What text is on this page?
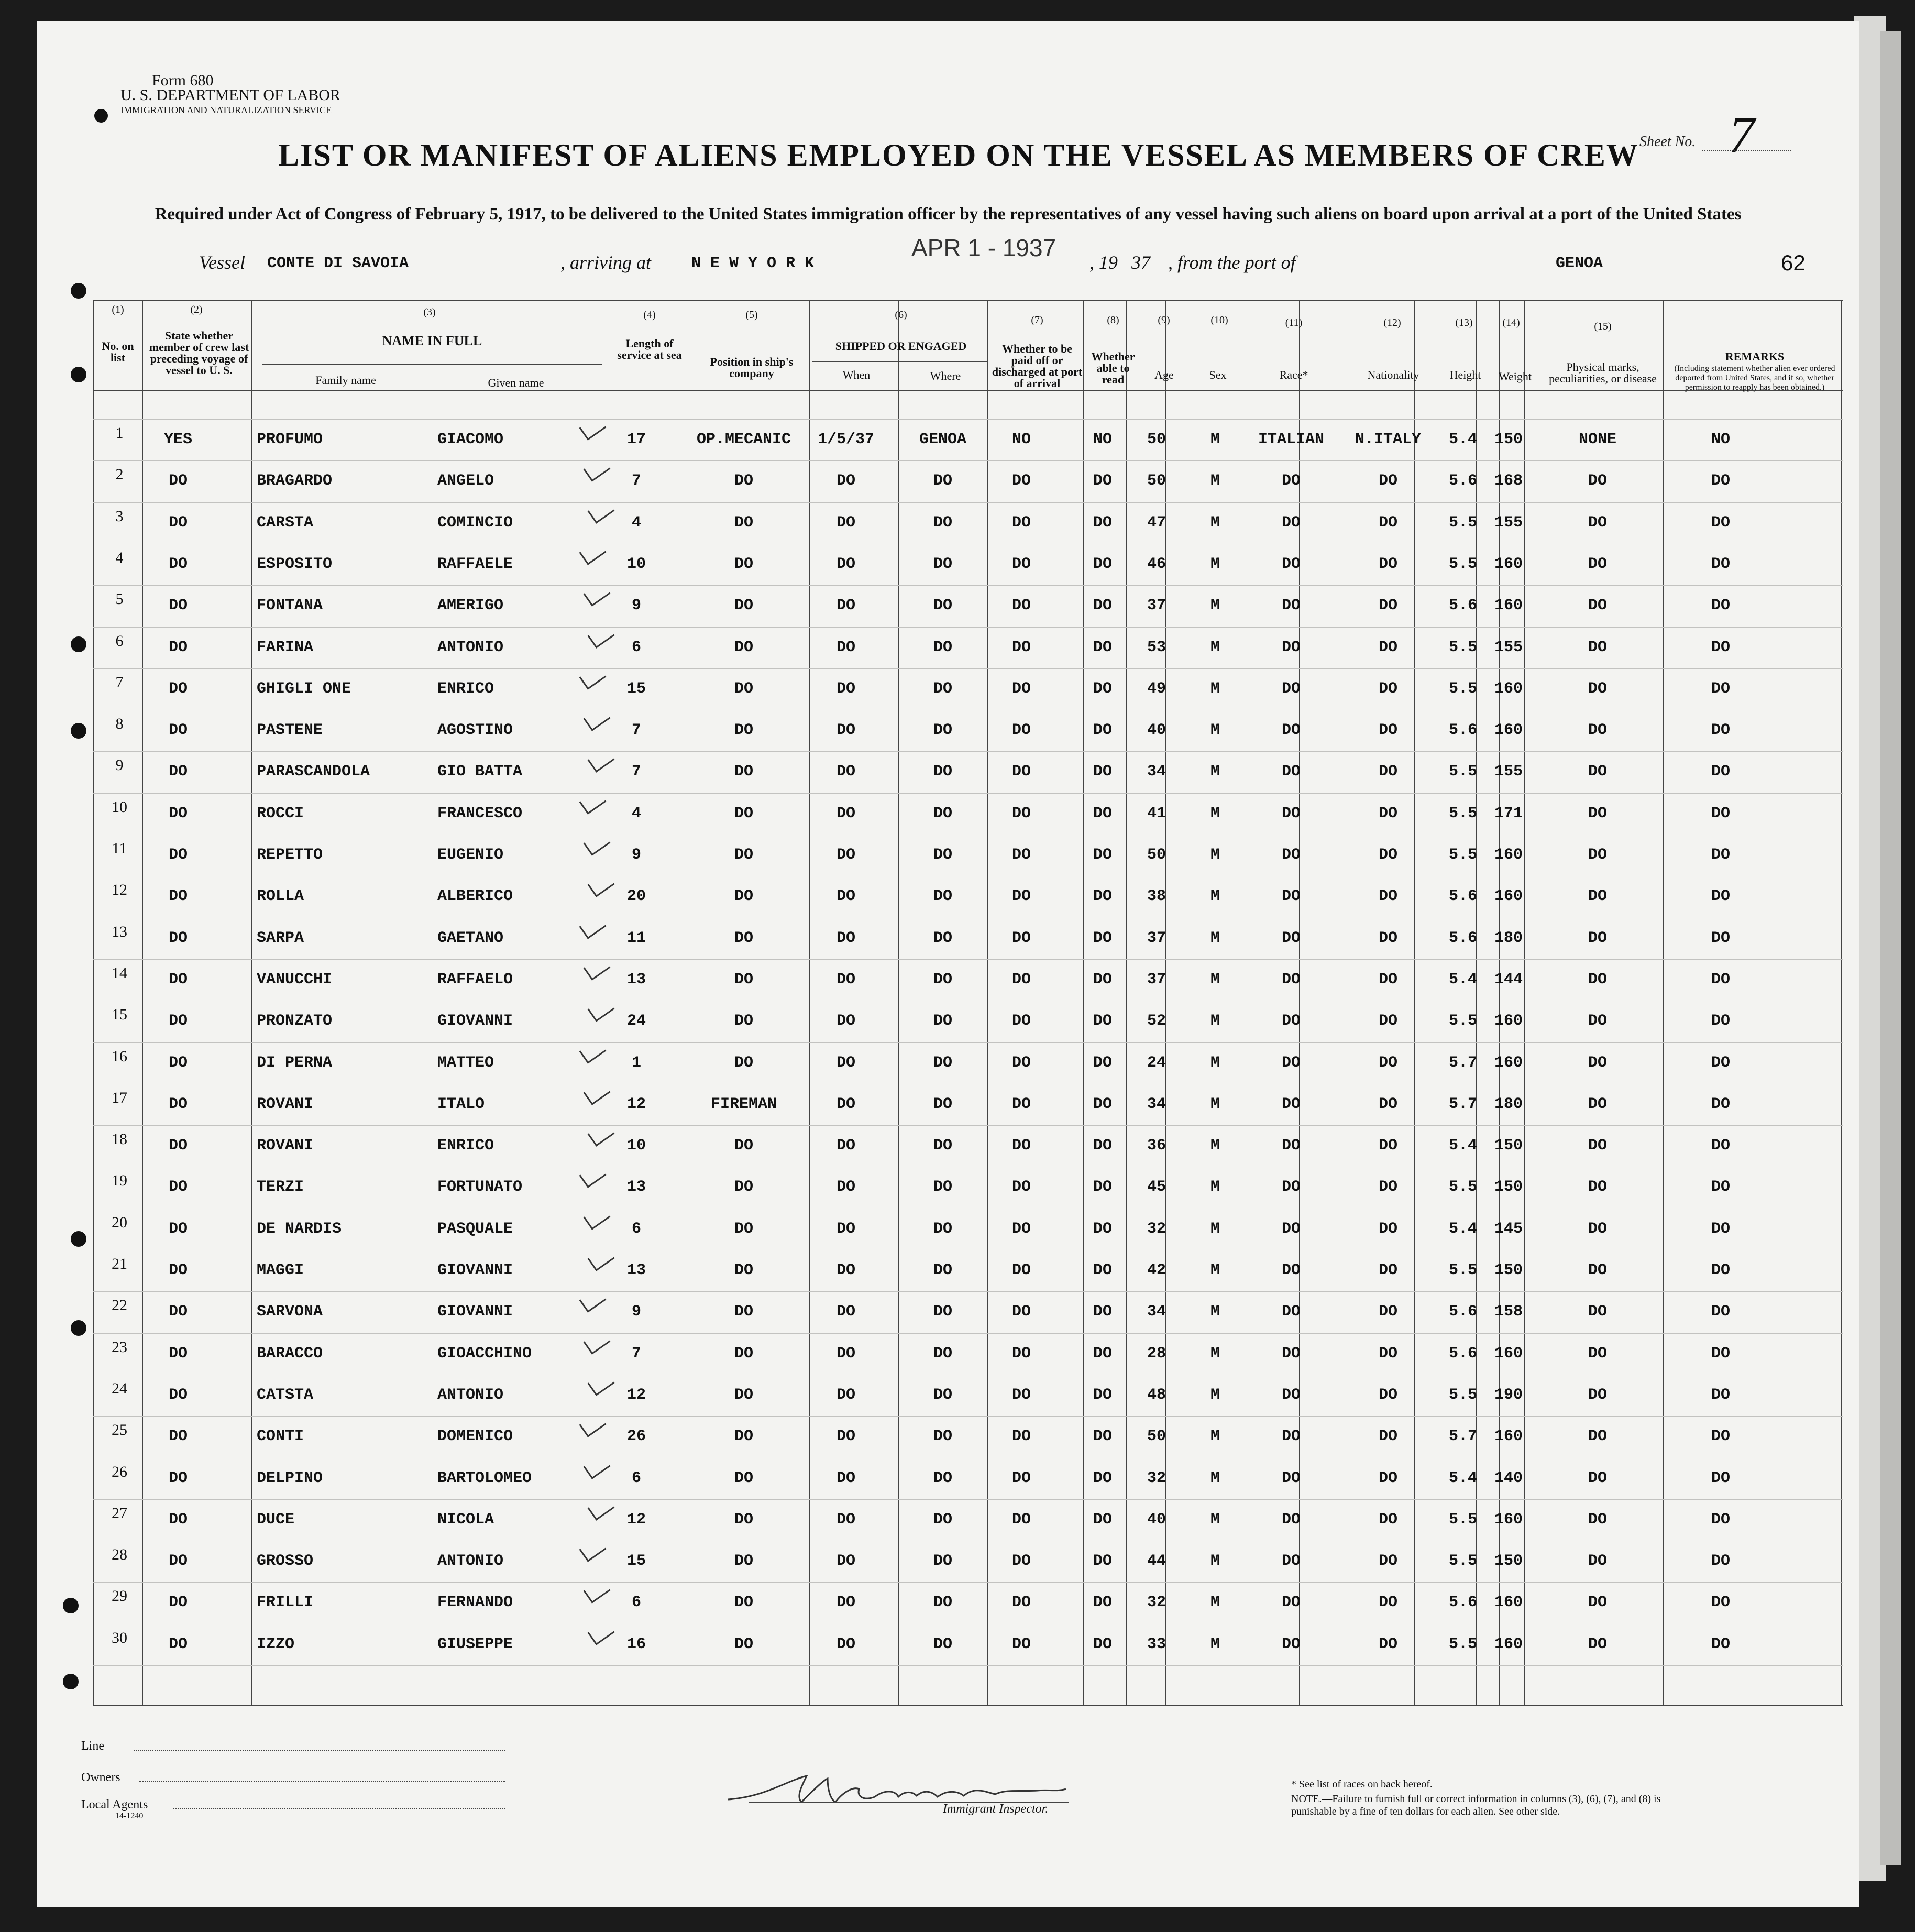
Form 680
U. S. DEPARTMENT OF LABOR
IMMIGRATION AND NATURALIZATION SERVICE
LIST OR MANIFEST OF ALIENS EMPLOYED ON THE VESSEL AS MEMBERS OF CREW Sheet No. 7
Required under Act of Congress of February 5, 1917, to be delivered to the United States immigration officer by the representatives of any vessel having such aliens on board upon arrival at a port of the United States
Vessel CONTE DI SAVOIA	, arriving at	N E W Y O R K
APR 1 - 1937
, 19 37 , from the port of	GENOA	62
(1)
No. on list
(2)
State whether member of crew last preceding voyage of vessel to U. S.
(3)
NAME IN FULL
Family name	Given name
(4)
Length of service at sea
(5)
Position in ship's company
(6)
SHIPPED OR ENGAGED
When	Where
(7)
Whether to be paid off or discharged at port of arrival
(8)
Whether able to read
(9)
Age
(10)
Sex
(11)
Race*
(12)
Nationality
(13)
Height
(14)
Weight
(15)
Physical marks, peculiarities, or disease
REMARKS
(Including statement whether alien ever ordered deported from United States, and if so, whether permission to reapply has been obtained.)
1	YES	PROFUMO	GIACOMO	17	OP.MECANIC 1/5/37	GENOA	NO	NO 50	M ITALIAN N.ITALY 5.4 150	NONE	NO
2	DO	BRAGARDO	ANGELO	7	DO	DO	DO	DO	DO 50	M	DO	DO	5.6 168	DO	DO
3	DO	CARSTA	COMINCIO	4	DO	DO	DO	DO	DO 47	M	DO	DO	5.5 155	DO	DO
4	DO	ESPOSITO	RAFFAELE	10	DO	DO	DO	DO	DO 46	M	DO	DO	5.5 160	DO	DO
5	DO	FONTANA	AMERIGO	9	DO	DO	DO	DO	DO 37	M	DO	DO	5.6 160	DO	DO
6	DO	FARINA	ANTONIO	6	DO	DO	DO	DO	DO 53	M	DO	DO	5.5 155	DO	DO
7	DO	GHIGLI ONE	ENRICO	15	DO	DO	DO	DO	DO 49	M	DO	DO	5.5 160	DO	DO
8	DO	PASTENE	AGOSTINO	7	DO	DO	DO	DO	DO 40	M	DO	DO	5.6 160	DO	DO
9	DO	PARASCANDOLA	GIO BATTA	7	DO	DO	DO	DO	DO 34	M	DO	DO	5.5 155	DO	DO
10	DO	ROCCI	FRANCESCO	4	DO	DO	DO	DO	DO 41	M	DO	DO	5.5 171	DO	DO
11	DO	REPETTO	EUGENIO	9	DO	DO	DO	DO	DO 50	M	DO	DO	5.5 160	DO	DO
12	DO	ROLLA	ALBERICO	20	DO	DO	DO	DO	DO 38	M	DO	DO	5.6 160	DO	DO
13	DO	SARPA	GAETANO	11	DO	DO	DO	DO	DO 37	M	DO	DO	5.6 180	DO	DO
14	DO	VANUCCHI	RAFFAELO	13	DO	DO	DO	DO	DO 37	M	DO	DO	5.4 144	DO	DO
15	DO	PRONZATO	GIOVANNI	24	DO	DO	DO	DO	DO 52	M	DO	DO	5.5 160	DO	DO
16	DO	DI PERNA	MATTEO	1	DO	DO	DO	DO	DO 24	M	DO	DO	5.7 160	DO	DO
17	DO	ROVANI	ITALO	12	FIREMAN	DO	DO	DO	DO 34	M	DO	DO	5.7 180	DO	DO
18	DO	ROVANI	ENRICO	10	DO	DO	DO	DO	DO 36	M	DO	DO	5.4 150	DO	DO
19	DO	TERZI	FORTUNATO	13	DO	DO	DO	DO	DO 45	M	DO	DO	5.5 150	DO	DO
20	DO	DE NARDIS	PASQUALE	6	DO	DO	DO	DO	DO 32	M	DO	DO	5.4 145	DO	DO
21	DO	MAGGI	GIOVANNI	13	DO	DO	DO	DO	DO 42	M	DO	DO	5.5 150	DO	DO
22	DO	SARVONA	GIOVANNI	9	DO	DO	DO	DO	DO 34	M	DO	DO	5.6 158	DO	DO
23	DO	BARACCO	GIOACCHINO	7	DO	DO	DO	DO	DO 28	M	DO	DO	5.6 160	DO	DO
24	DO	CATSTA	ANTONIO	12	DO	DO	DO	DO	DO 48	M	DO	DO	5.5 190	DO	DO
25	DO	CONTI	DOMENICO	26	DO	DO	DO	DO	DO 50	M	DO	DO	5.7 160	DO	DO
26	DO	DELPINO	BARTOLOMEO	6	DO	DO	DO	DO	DO 32	M	DO	DO	5.4 140	DO	DO
27	DO	DUCE	NICOLA	12	DO	DO	DO	DO	DO 40	M	DO	DO	5.5 160	DO	DO
28	DO	GROSSO	ANTONIO	15	DO	DO	DO	DO	DO 44	M	DO	DO	5.5 150	DO	DO
29	DO	FRILLI	FERNANDO	6	DO	DO	DO	DO	DO 32	M	DO	DO	5.6 160	DO	DO
30	DO	IZZO	GIUSEPPE	16	DO	DO	DO	DO	DO 33	M	DO	DO	5.5 160	DO	DO
Line
Owners
Local Agents
14-1240
Immigrant Inspector.
* See list of races on back hereof.
NOTE.—Failure to furnish full or correct information in columns (3), (6), (7), and (8) is punishable by a fine of ten dollars for each alien. See other side.
